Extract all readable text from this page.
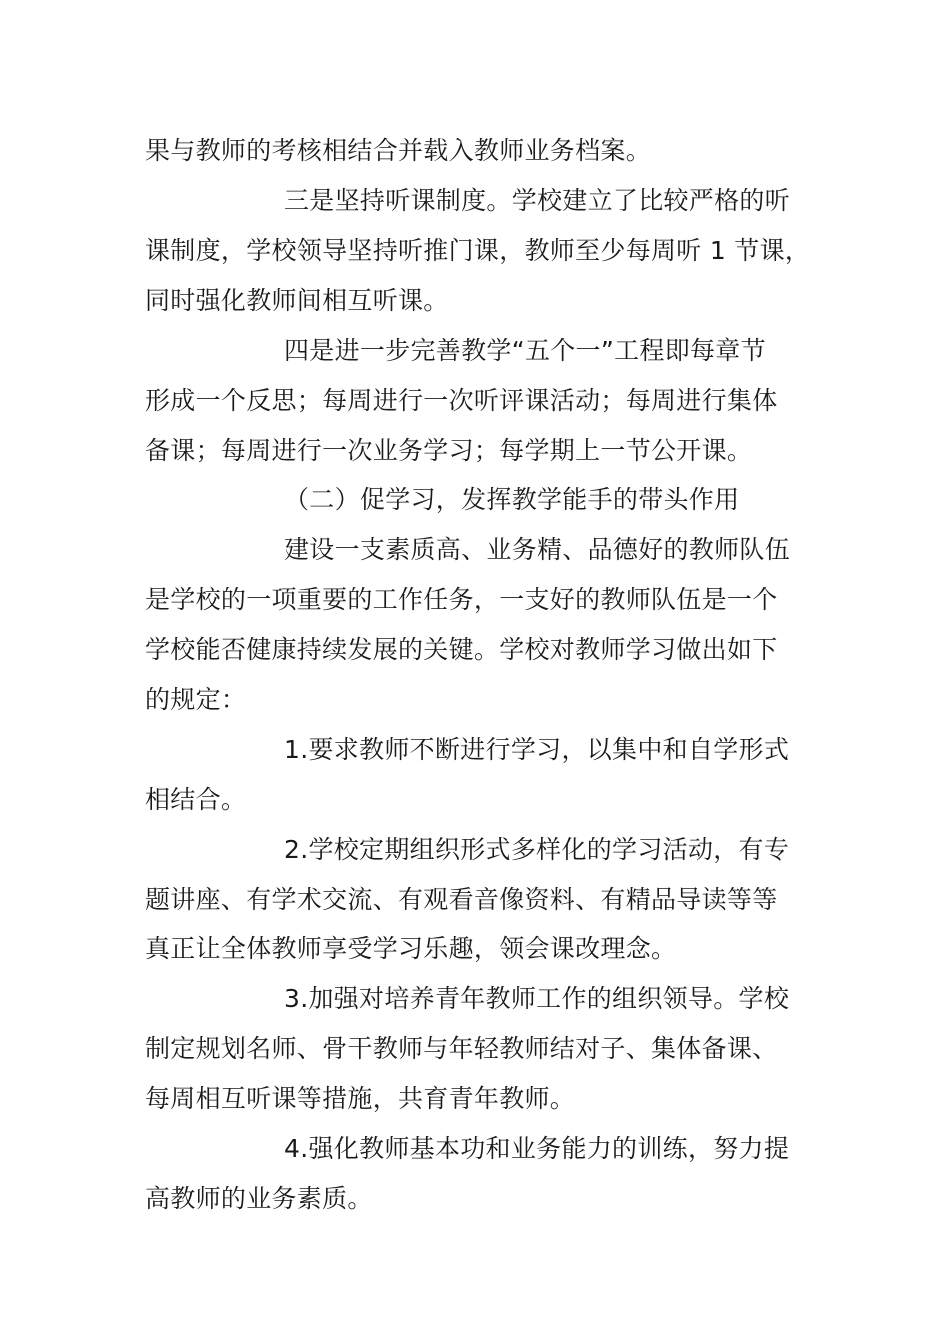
果与教师的考核相结合并载入教师业务档案。
三是坚持听课制度。学校建立了比较严格的听
课制度，学校领导坚持听推门课，教师至少每周听 1 节课，
同时强化教师间相互听课。
四是进一步完善教学“五个一”工程即每章节
形成一个反思；每周进行一次听评课活动；每周进行集体
备课；每周进行一次业务学习；每学期上一节公开课。
（二）促学习，发挥教学能手的带头作用
建设一支素质高、业务精、品德好的教师队伍
是学校的一项重要的工作任务，一支好的教师队伍是一个
学校能否健康持续发展的关键。学校对教师学习做出如下
的规定：
1.要求教师不断进行学习，以集中和自学形式
相结合。
2.学校定期组织形式多样化的学习活动，有专
题讲座、有学术交流、有观看音像资料、有精品导读等等
真正让全体教师享受学习乐趣，领会课改理念。
3.加强对培养青年教师工作的组织领导。学校
制定规划名师、骨干教师与年轻教师结对子、集体备课、
每周相互听课等措施，共育青年教师。
4.强化教师基本功和业务能力的训练，努力提
高教师的业务素质。
